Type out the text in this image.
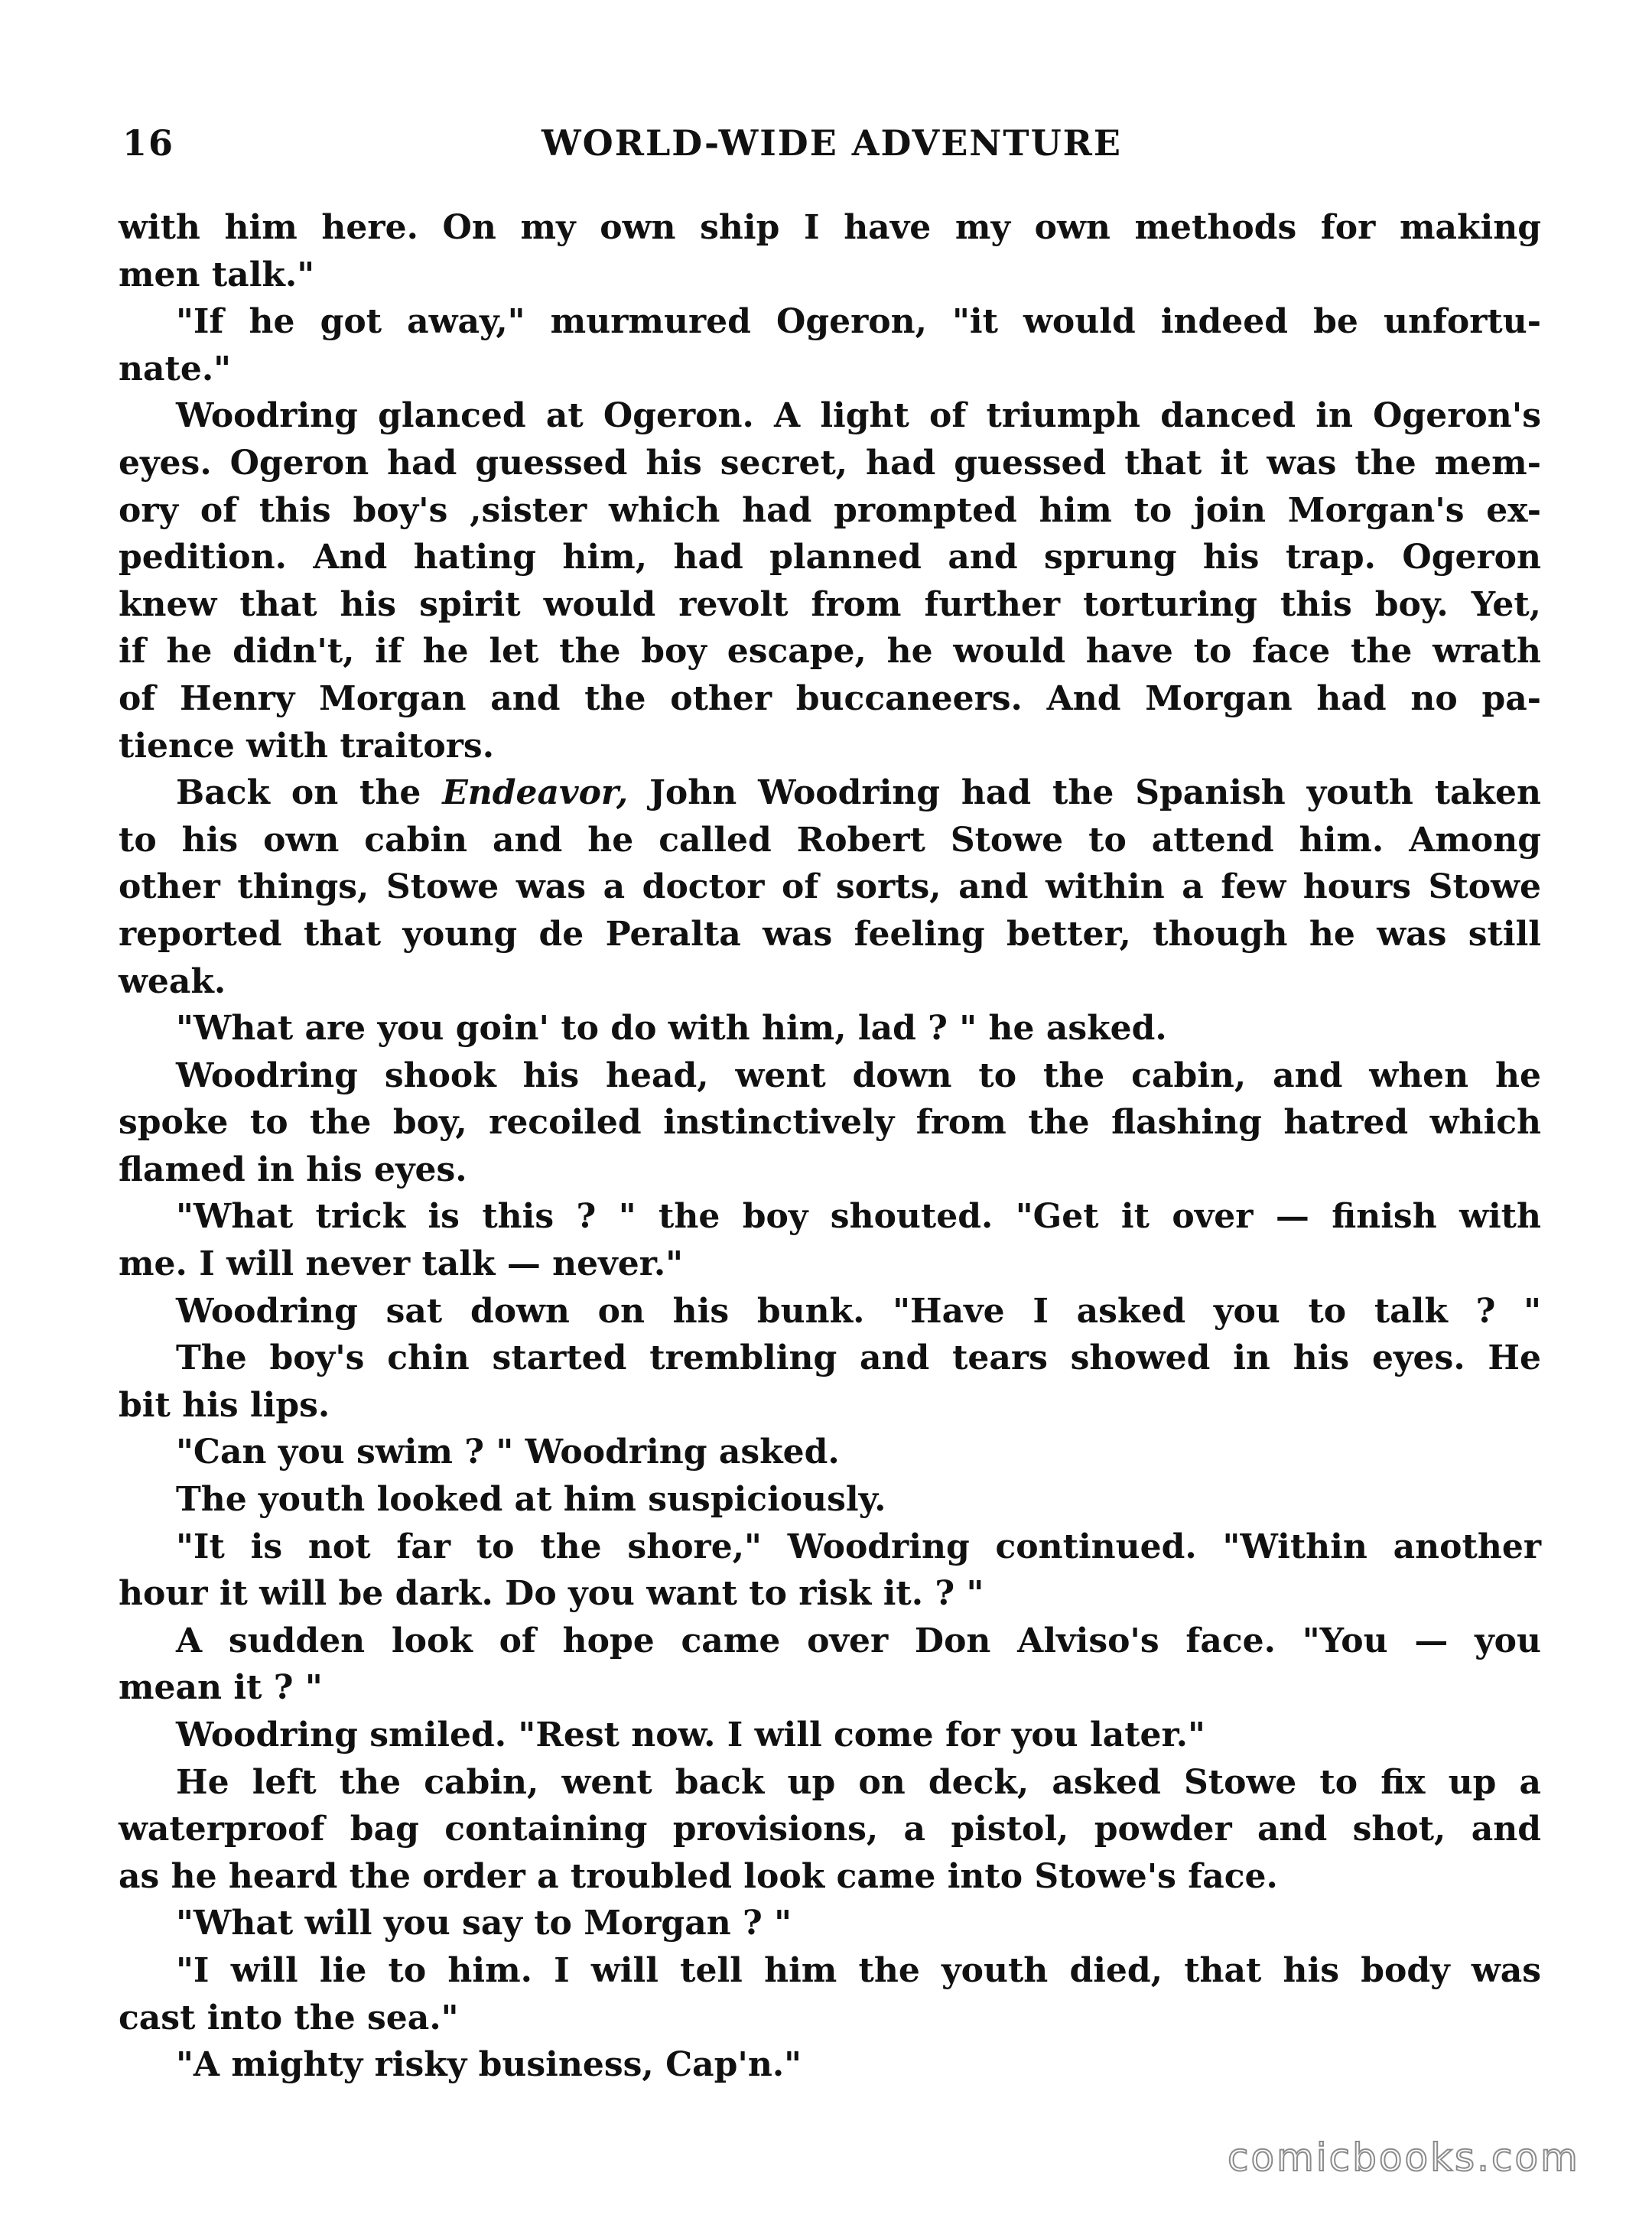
16	WORLD-WIDE ADVENTURE
with him here. On my own ship I have my own methods for making
men talk."
"If he got away," murmured Ogeron, "it would indeed be unfortu-
nate."
Woodring glanced at Ogeron. A light of triumph danced in Ogeron's
eyes. Ogeron had guessed his secret, had guessed that it was the mem-
ory of this boy's ,sister which had prompted him to join Morgan's ex-
pedition. And hating him, had planned and sprung his trap. Ogeron
knew that his spirit would revolt from further torturing this boy. Yet,
if he didn't, if he let the boy escape, he would have to face the wrath
of Henry Morgan and the other buccaneers. And Morgan had no pa-
tience with traitors.
Back on the Endeavor, John Woodring had the Spanish youth taken
to his own cabin and he called Robert Stowe to attend him. Among
other things, Stowe was a doctor of sorts, and within a few hours Stowe
reported that young de Peralta was feeling better, though he was still
weak.
"What are you goin' to do with him, lad ? " he asked.
Woodring shook his head, went down to the cabin, and when he
spoke to the boy, recoiled instinctively from the flashing hatred which
flamed in his eyes.
"What trick is this ? " the boy shouted. "Get it over — finish with
me. I will never talk — never."
Woodring sat down on his bunk. "Have I asked you to talk ? "
The boy's chin started trembling and tears showed in his eyes. He
bit his lips.
"Can you swim ? " Woodring asked.
The youth looked at him suspiciously.
"It is not far to the shore," Woodring continued. "Within another
hour it will be dark. Do you want to risk it. ? "
A sudden look of hope came over Don Alviso's face. "You — you
mean it ? "
Woodring smiled. "Rest now. I will come for you later."
He left the cabin, went back up on deck, asked Stowe to fix up a
waterproof bag containing provisions, a pistol, powder and shot, and
as he heard the order a troubled look came into Stowe's face.
"What will you say to Morgan ? "
"I will lie to him. I will tell him the youth died, that his body was
cast into the sea."
"A mighty risky business, Cap'n."
comicbooks.com
